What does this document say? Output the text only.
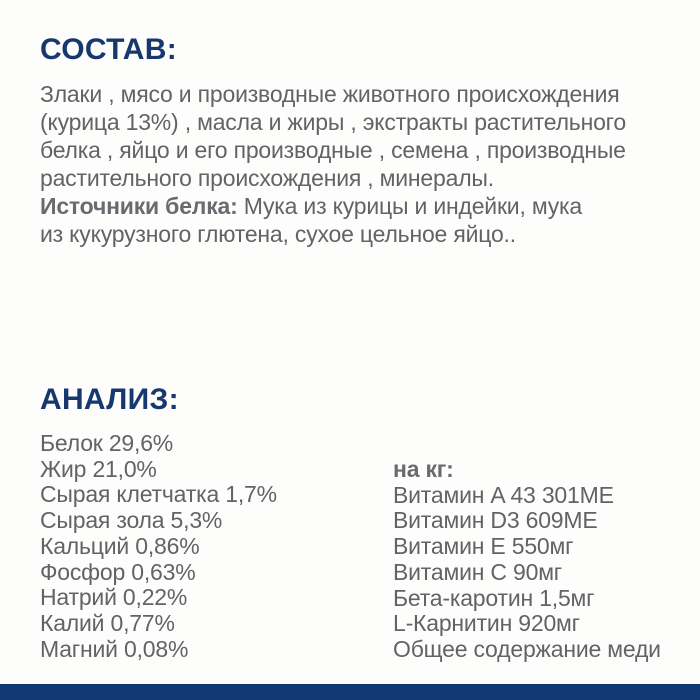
СОСТАВ:
Злаки , мясо и производные животного происхождения
(курица 13%) , масла и жиры , экстракты растительного
белка , яйцо и его производные , семена , производные
растительного происхождения , минералы.
Источники белка: Мука из курицы и индейки, мука
из кукурузного глютена, сухое цельное яйцо..
АНАЛИЗ:
Белок 29,6%
Жир 21,0%
Сырая клетчатка 1,7%
Сырая зола 5,3%
Кальций 0,86%
Фосфор 0,63%
Натрий 0,22%
Калий 0,77%
Магний 0,08%
на кг:
Витамин A 43 301МЕ
Витамин D3 609МЕ
Витамин E 550мг
Витамин C 90мг
Бета-каротин 1,5мг
L-Карнитин 920мг
Общее содержание меди
